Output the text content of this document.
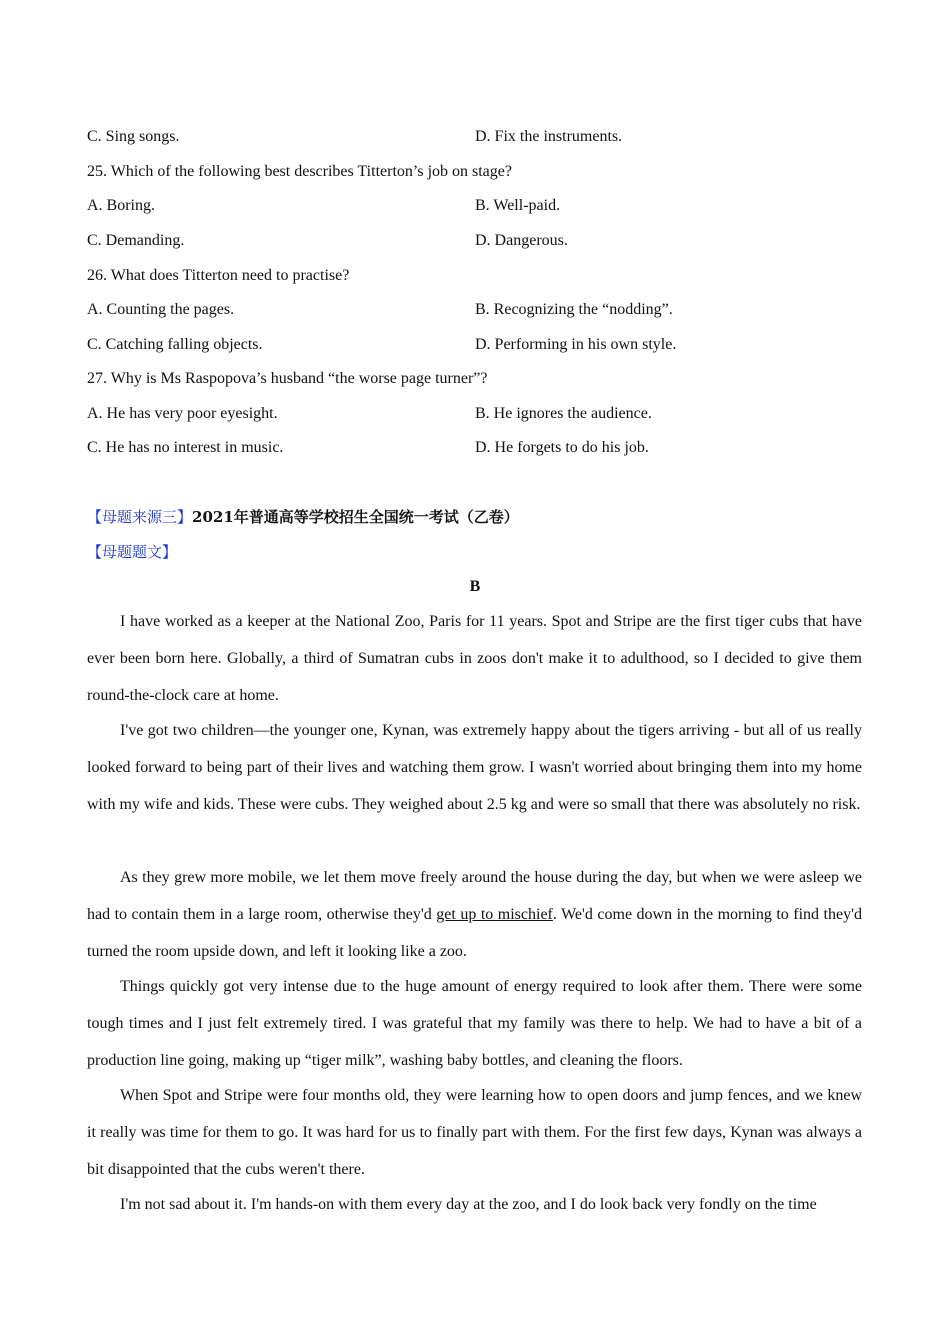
C. Sing songs.	D. Fix the instruments.
25. Which of the following best describes Titterton’s job on stage?
A. Boring.	B. Well-paid.
C. Demanding.	D. Dangerous.
26. What does Titterton need to practise?
A. Counting the pages.	B. Recognizing the “nodding”.
C. Catching falling objects.	D. Performing in his own style.
27. Why is Ms Raspopova’s husband “the worse page turner”?
A. He has very poor eyesight.	B. He ignores the audience.
C. He has no interest in music.	D. He forgets to do his job.
【母题来源三】2021年普通高等学校招生全国统一考试（乙卷）
【母题题文】
B

I have worked as a keeper at the National Zoo, Paris for 11 years. Spot and Stripe are the first tiger cubs that have ever been born here. Globally, a third of Sumatran cubs in zoos don't make it to adulthood, so I decided to give them round-the-clock care at home.

I've got two children—the younger one, Kynan, was extremely happy about the tigers arriving - but all of us really looked forward to being part of their lives and watching them grow. I wasn't worried about bringing them into my home with my wife and kids. These were cubs. They weighed about 2.5 kg and were so small that there was absolutely no risk.

As they grew more mobile, we let them move freely around the house during the day, but when we were asleep we had to contain them in a large room, otherwise they'd get up to mischief. We'd come down in the morning to find they'd turned the room upside down, and left it looking like a zoo.

Things quickly got very intense due to the huge amount of energy required to look after them. There were some tough times and I just felt extremely tired. I was grateful that my family was there to help. We had to have a bit of a production line going, making up “tiger milk”, washing baby bottles, and cleaning the floors.

When Spot and Stripe were four months old, they were learning how to open doors and jump fences, and we knew it really was time for them to go. It was hard for us to finally part with them. For the first few days, Kynan was always a bit disappointed that the cubs weren't there.

I'm not sad about it. I'm hands-on with them every day at the zoo, and I do look back very fondly on the time
